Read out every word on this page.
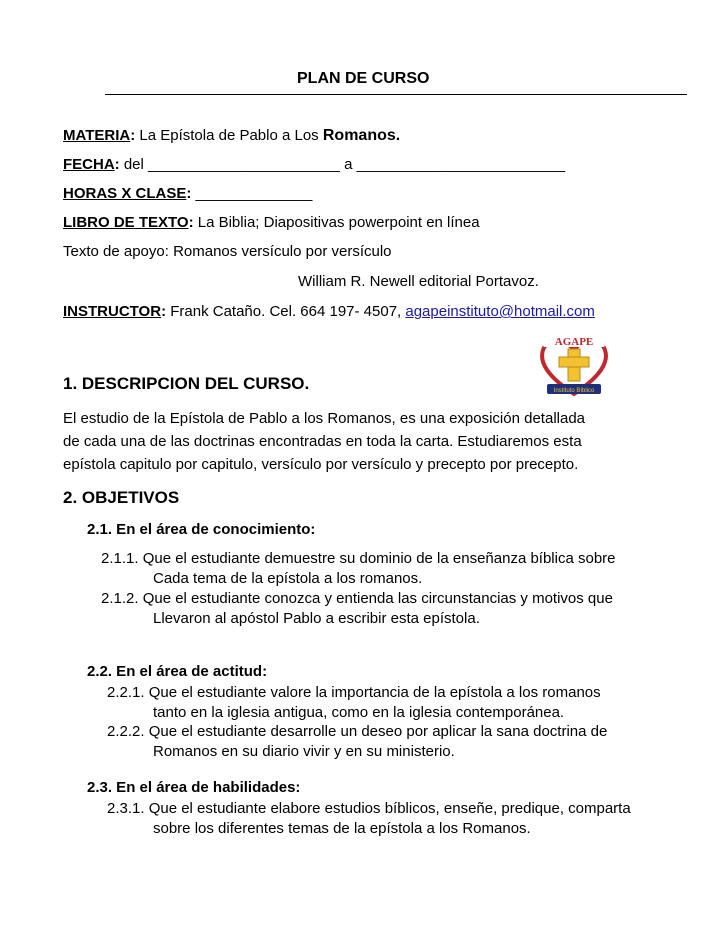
PLAN DE CURSO
MATERIA: La Epístola de Pablo a Los Romanos.
FECHA: del _______________________ a _________________________
HORAS X CLASE: ______________
LIBRO DE TEXTO: La Biblia; Diapositivas powerpoint en línea
Texto de apoyo: Romanos versículo por versículo
William R. Newell editorial Portavoz.
INSTRUCTOR: Frank Cataño. Cel. 664 197- 4507, agapeinstituto@hotmail.com
AGAPE
Instituto Bíblico
1. DESCRIPCION DEL CURSO.
El estudio de la Epístola de Pablo a los Romanos, es una exposición detallada
de cada una de las doctrinas encontradas en toda la carta. Estudiaremos esta
epístola capitulo por capitulo, versículo por versículo y precepto por precepto.
2. OBJETIVOS
2.1. En el área de conocimiento:
2.1.1. Que el estudiante demuestre su dominio de la enseñanza bíblica sobre
Cada tema de la epístola a los romanos.
2.1.2. Que el estudiante conozca y entienda las circunstancias y motivos que
Llevaron al apóstol Pablo a escribir esta epístola.
2.2. En el área de actitud:
2.2.1. Que el estudiante valore la importancia de la epístola a los romanos
tanto en la iglesia antigua, como en la iglesia contemporánea.
2.2.2. Que el estudiante desarrolle un deseo por aplicar la sana doctrina de
Romanos en su diario vivir y en su ministerio.
2.3. En el área de habilidades:
2.3.1. Que el estudiante elabore estudios bíblicos, enseñe, predique, comparta
sobre los diferentes temas de la epístola a los Romanos.
